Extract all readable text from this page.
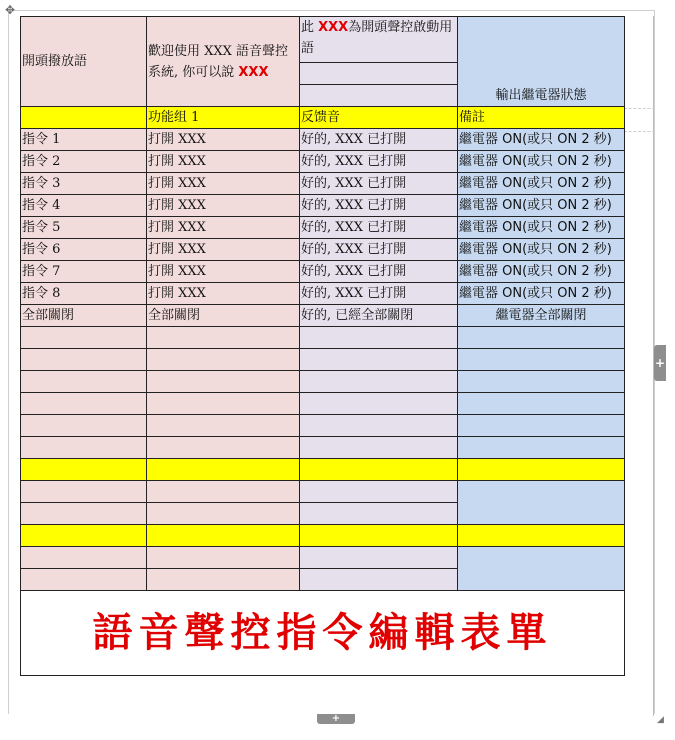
✥
開頭撥放語	歡迎使用 XXX 語音聲控系統, 你可以說 XXX	此 XXX為開頭聲控啟動用語	輸出繼電器狀態

	功能组 1	反馈音	備註
指令 1	打開 XXX	好的, XXX 已打開	繼電器 ON(或只 ON 2 秒)
指令 2	打開 XXX	好的, XXX 已打開	繼電器 ON(或只 ON 2 秒)
指令 3	打開 XXX	好的, XXX 已打開	繼電器 ON(或只 ON 2 秒)
指令 4	打開 XXX	好的, XXX 已打開	繼電器 ON(或只 ON 2 秒)
指令 5	打開 XXX	好的, XXX 已打開	繼電器 ON(或只 ON 2 秒)
指令 6	打開 XXX	好的, XXX 已打開	繼電器 ON(或只 ON 2 秒)
指令 7	打開 XXX	好的, XXX 已打開	繼電器 ON(或只 ON 2 秒)
指令 8	打開 XXX	好的, XXX 已打開	繼電器 ON(或只 ON 2 秒)
全部關閉	全部關閉	好的, 已經全部關閉	繼電器全部關閉

語音聲控指令編輯表單			
+
+	◢
